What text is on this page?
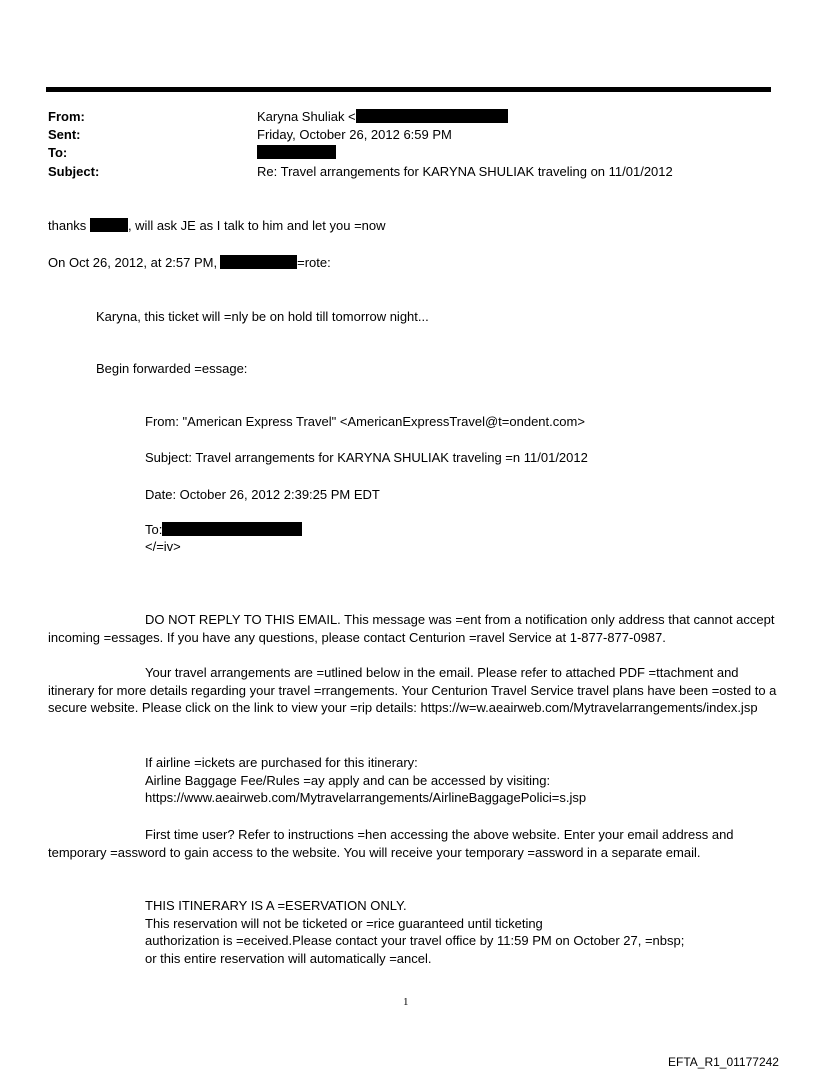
From:	Karyna Shuliak <
Sent:	Friday, October 26, 2012 6:59 PM
To:
Subject:	Re: Travel arrangements for KARYNA SHULIAK traveling on 11/01/2012
thanks	, will ask JE as I talk to him and let you =now
On Oct 26, 2012, at 2:57 PM,	=rote:
Karyna, this ticket will =nly be on hold till tomorrow night...
Begin forwarded =essage:
From: "American Express Travel" <AmericanExpressTravel@t=ondent.com>
Subject: Travel arrangements for KARYNA SHULIAK traveling =n 11/01/2012
Date: October 26, 2012 2:39:25 PM EDT
To:
</=iv>
DO NOT REPLY TO THIS EMAIL. This message was =ent from a notification only address that cannot accept incoming =essages. If you have any questions, please contact Centurion =ravel Service at 1-877-877-0987.
Your travel arrangements are =utlined below in the email. Please refer to attached PDF =ttachment and itinerary for more details regarding your travel =rrangements. Your Centurion Travel Service travel plans have been =osted to a secure website. Please click on the link to view your =rip details: https://w=w.aeairweb.com/Mytravelarrangements/index.jsp
If airline =ickets are purchased for this itinerary:
Airline Baggage Fee/Rules =ay apply and can be accessed by visiting:
https://www.aeairweb.com/Mytravelarrangements/AirlineBaggagePolici=s.jsp
First time user? Refer to instructions =hen accessing the above website. Enter your email address and temporary =assword to gain access to the website. You will receive your temporary =assword in a separate email.
THIS ITINERARY IS A =ESERVATION ONLY.
This reservation will not be ticketed or =rice guaranteed until ticketing
authorization is =eceived.Please contact your travel office by 11:59 PM on October 27, =nbsp;
or this entire reservation will automatically =ancel.
1
EFTA_R1_01177242
